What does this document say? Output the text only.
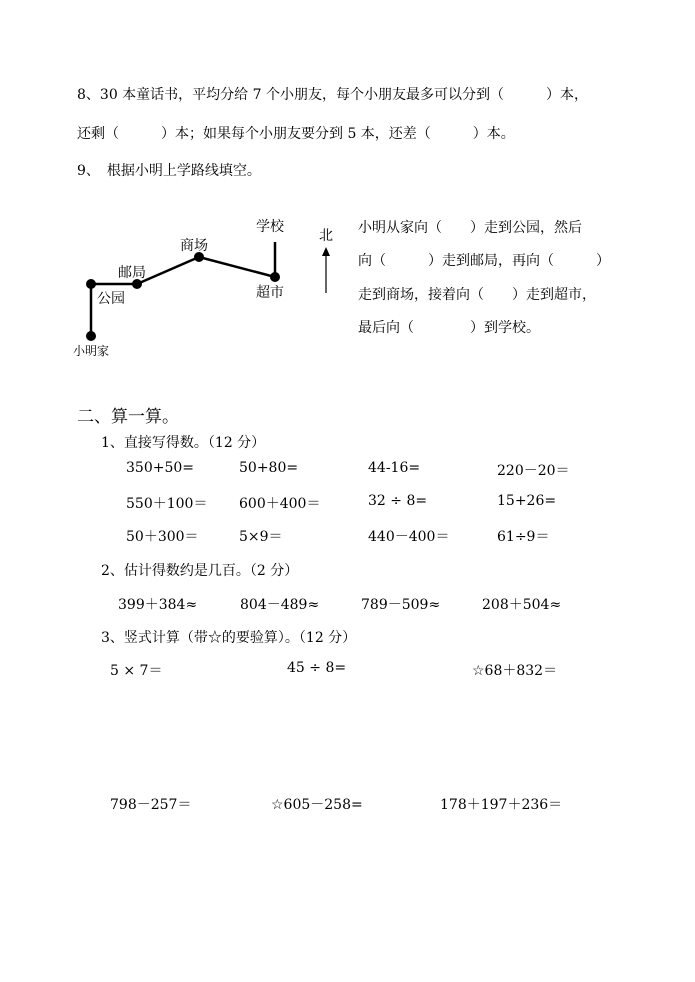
8、30 本童话书，平均分给 7 个小朋友，每个小朋友最多可以分到（　　　）本，
还剩（　　　）本；如果每个小朋友要分到 5 本，还差（　　　）本。
9、　根据小明上学路线填空。
学校
商场
邮局
公园	超市
小明家
北 小明从家向（　　）走到公园，然后
向（　　　）走到邮局，再向（　　　）
走到商场，接着向（　　）走到超市，
最后向（　　　　）到学校。
二、算一算。
1、直接写得数。（12 分）
350+50=	50+80=	44-16=	220－20＝
550＋100＝ 600＋400＝	32 ÷ 8=	15+26=
50＋300＝	5×9＝	440－400＝	61÷9＝
2、估计得数约是几百。（2 分）
399＋384≈	804－489≈	789－509≈	208＋504≈
3、竖式计算（带☆的要验算）。（12 分）
5 × 7＝	45 ÷ 8=	☆68＋832＝
798－257＝	☆605－258=	178＋197＋236＝
